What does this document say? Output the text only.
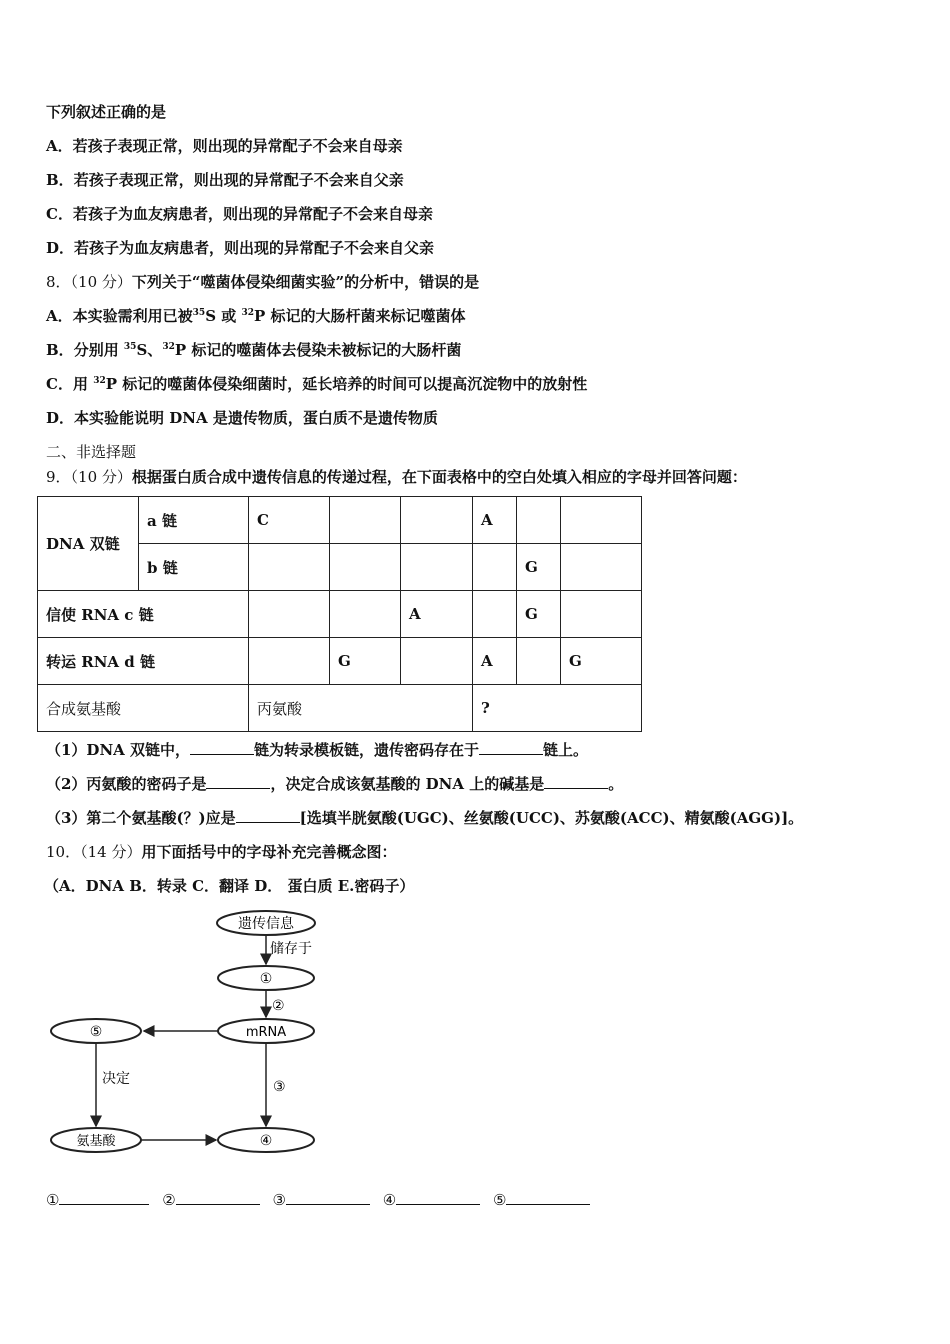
下列叙述正确的是
A．若孩子表现正常，则出现的异常配子不会来自母亲
B．若孩子表现正常，则出现的异常配子不会来自父亲
C．若孩子为血友病患者，则出现的异常配子不会来自母亲
D．若孩子为血友病患者，则出现的异常配子不会来自父亲
8．（10 分）下列关于“噬菌体侵染细菌实验”的分析中，错误的是
A．本实验需利用已被$^{35}$S 或 $^{32}$P 标记的大肠杆菌来标记噬菌体
B．分别用 $^{35}$S、$^{32}$P 标记的噬菌体去侵染未被标记的大肠杆菌
C．用 $^{32}$P 标记的噬菌体侵染细菌时，延长培养的时间可以提高沉淀物中的放射性
D．本实验能说明 DNA 是遗传物质，蛋白质不是遗传物质
二、非选择题
9．（10 分）根据蛋白质合成中遗传信息的传递过程，在下面表格中的空白处填入相应的字母并回答问题：
DNA 双链	a 链	C			A		
	b 链					G	
信使 RNA c 链				A		G	
转运 RNA d 链			G		A		G
合成氨基酸		丙氨酸			?		
（1）DNA 双链中，	链为转录模板链，遗传密码存在于	链上。
（2）丙氨酸的密码子是	，决定合成该氨基酸的 DNA 上的碱基是	。
（3）第二个氨基酸(？)应是	[选填半胱氨酸(UGC)、丝氨酸(UCC)、苏氨酸(ACC)、精氨酸(AGG)]。
10．（14 分）用下面括号中的字母补充完善概念图：
（A．DNA B．转录 C．翻译 D． 蛋白质 E.密码子）
遗传信息
储存于
①
②
mRNA
⑤
决定	③
氨基酸	④
①	②	③	④	⑤
